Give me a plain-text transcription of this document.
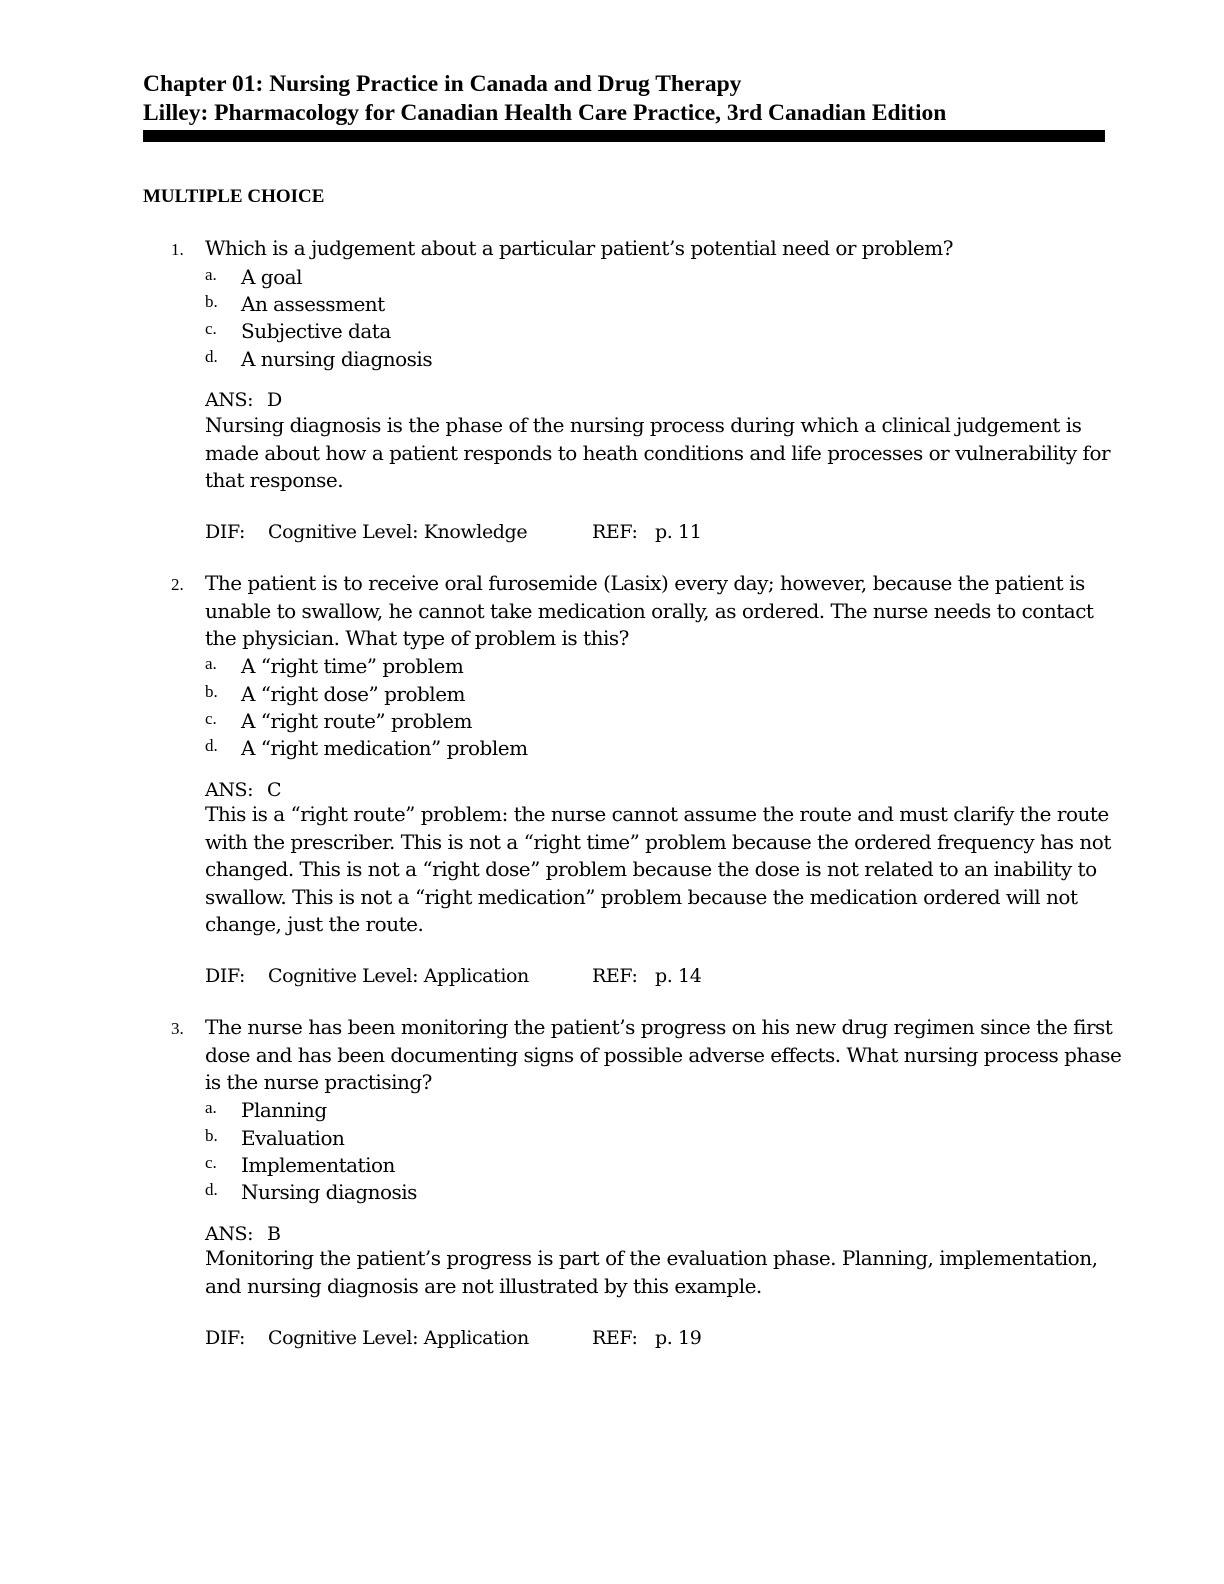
Chapter 01: Nursing Practice in Canada and Drug Therapy
Lilley: Pharmacology for Canadian Health Care Practice, 3rd Canadian Edition
MULTIPLE CHOICE
1. Which is a judgement about a particular patient’s potential need or problem?
a. A goal
b. An assessment
c. Subjective data
d. A nursing diagnosis
ANS: D
Nursing diagnosis is the phase of the nursing process during which a clinical judgement is
made about how a patient responds to heath conditions and life processes or vulnerability for
that response.
DIF: Cognitive Level: Knowledge	REF: p. 11
2. The patient is to receive oral furosemide (Lasix) every day; however, because the patient is
unable to swallow, he cannot take medication orally, as ordered. The nurse needs to contact
the physician. What type of problem is this?
a. A “right time” problem
b. A “right dose” problem
c. A “right route” problem
d. A “right medication” problem
ANS: C
This is a “right route” problem: the nurse cannot assume the route and must clarify the route
with the prescriber. This is not a “right time” problem because the ordered frequency has not
changed. This is not a “right dose” problem because the dose is not related to an inability to
swallow. This is not a “right medication” problem because the medication ordered will not
change, just the route.
DIF: Cognitive Level: Application	REF: p. 14
3. The nurse has been monitoring the patient’s progress on his new drug regimen since the first
dose and has been documenting signs of possible adverse effects. What nursing process phase
is the nurse practising?
a. Planning
b. Evaluation
c. Implementation
d. Nursing diagnosis
ANS: B
Monitoring the patient’s progress is part of the evaluation phase. Planning, implementation,
and nursing diagnosis are not illustrated by this example.
DIF: Cognitive Level: Application	REF: p. 19
